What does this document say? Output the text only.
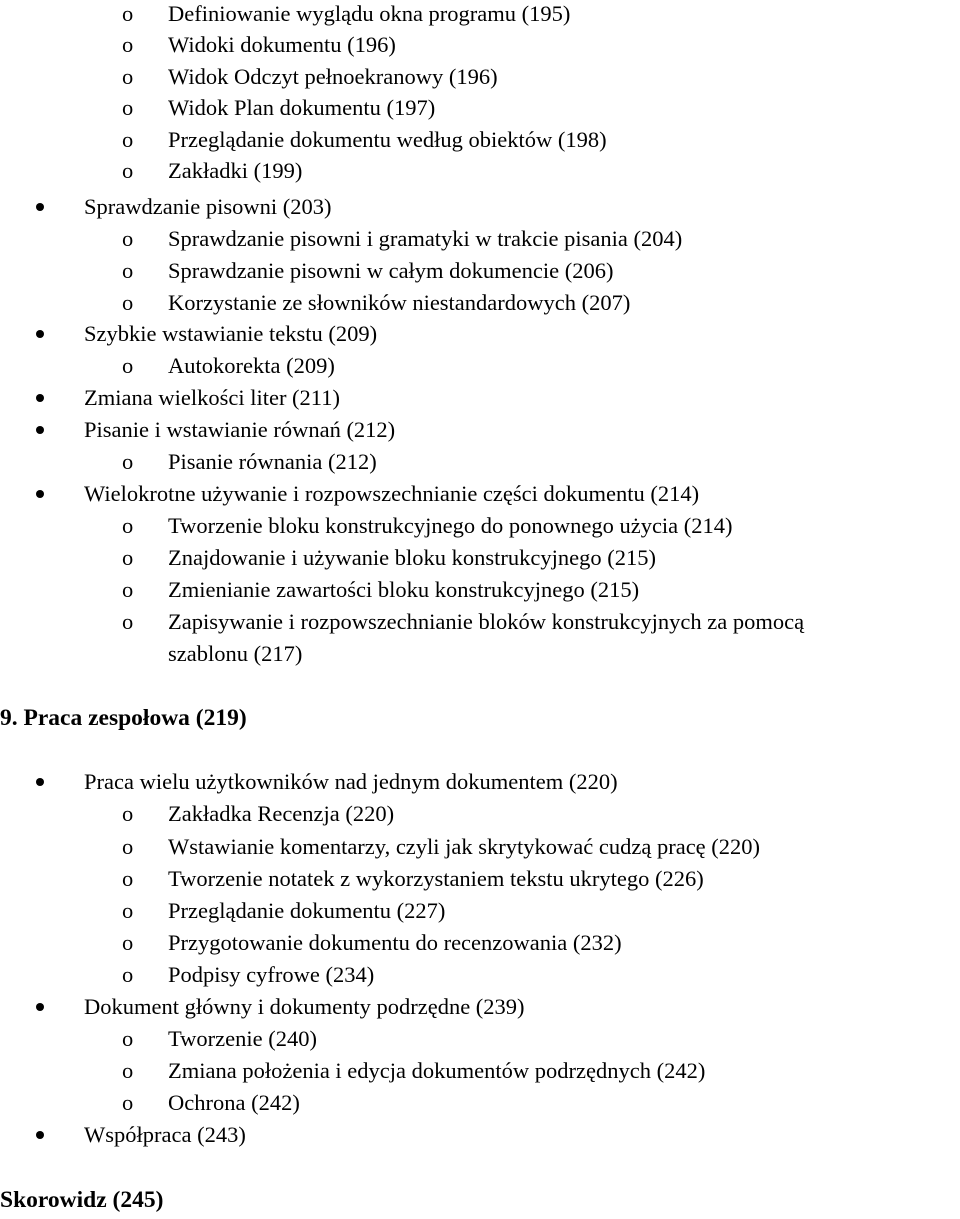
Definiowanie wyglądu okna programu (195)
Widoki dokumentu (196)
Widok Odczyt pełnoekranowy (196)
Widok Plan dokumentu (197)
Przeglądanie dokumentu według obiektów (198)
Zakładki (199)
Sprawdzanie pisowni (203)
Sprawdzanie pisowni i gramatyki w trakcie pisania (204)
Sprawdzanie pisowni w całym dokumencie (206)
Korzystanie ze słowników niestandardowych (207)
Szybkie wstawianie tekstu (209)
Autokorekta (209)
Zmiana wielkości liter (211)
Pisanie i wstawianie równań (212)
Pisanie równania (212)
Wielokrotne używanie i rozpowszechnianie części dokumentu (214)
Tworzenie bloku konstrukcyjnego do ponownego użycia (214)
Znajdowanie i używanie bloku konstrukcyjnego (215)
Zmienianie zawartości bloku konstrukcyjnego (215)
Zapisywanie i rozpowszechnianie bloków konstrukcyjnych za pomocą
szablonu (217)
o
o
o
o
o
o
o
o
o
o
o
o
o
o
o
9. Praca zespołowa (219)
Praca wielu użytkowników nad jednym dokumentem (220)
Zakładka Recenzja (220)
Wstawianie komentarzy, czyli jak skrytykować cudzą pracę (220)
Tworzenie notatek z wykorzystaniem tekstu ukrytego (226)
Przeglądanie dokumentu (227)
Przygotowanie dokumentu do recenzowania (232)
Podpisy cyfrowe (234)
Dokument główny i dokumenty podrzędne (239)
Tworzenie (240)
Zmiana położenia i edycja dokumentów podrzędnych (242)
Ochrona (242)
Współpraca (243)
o
o
o
o
o
o
o
o
o
Skorowidz (245)
